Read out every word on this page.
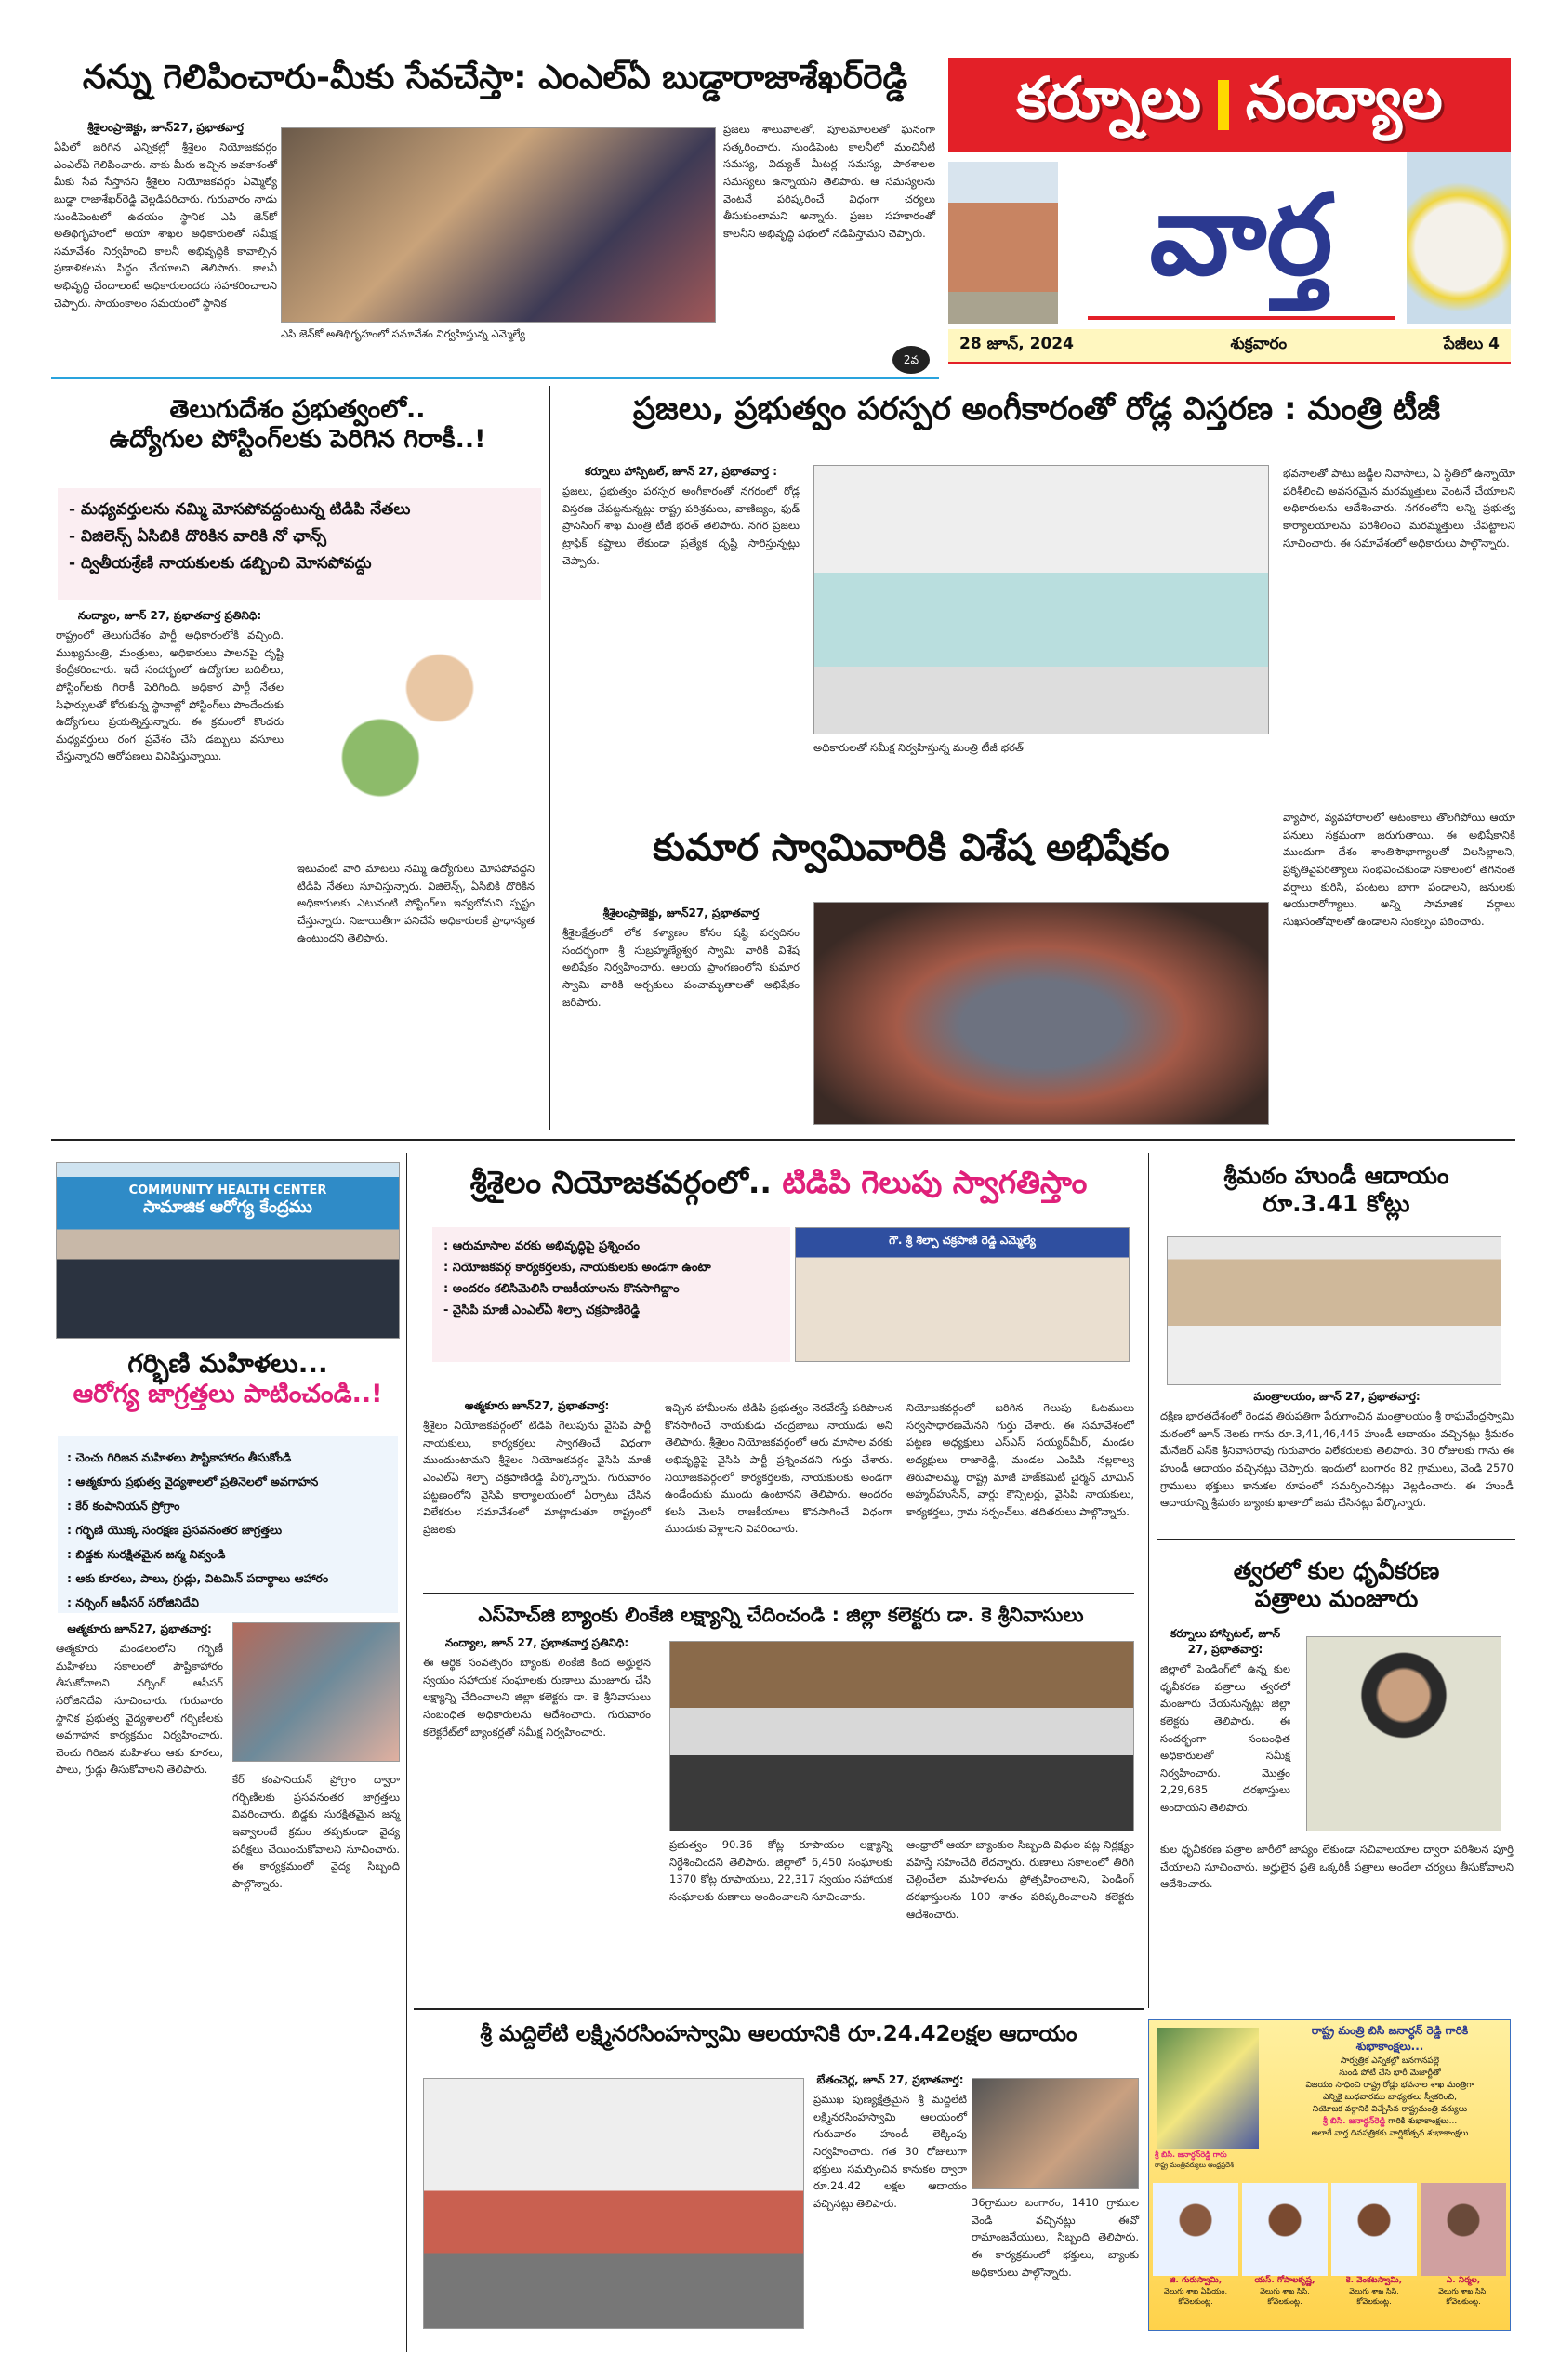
కర్నూలు నంద్యాల
వార్త
28 జూన్, 2024	శుక్రవారం	పేజీలు 4
నన్ను గెలిపించారు-మీకు సేవచేస్తా: ఎంఎల్ఏ బుడ్డారాజాశేఖర్‌రెడ్డి
శ్రీశైలంప్రాజెక్టు, జూన్27, ప్రభాతవార్త
ఏపిలో జరిగిన ఎన్నికల్లో శ్రీశైలం నియోజకవర్గం ఎంఎల్ఏ గెలిపించారు. నాకు మీరు ఇచ్చిన అవకాశంతో మీకు సేవ సేస్తానని శ్రీశైలం నియోజకవర్గం ఏమ్మెల్యే బుడ్డా రాజాశేఖర్‌రెడ్డి వెల్లడిపరిచారు. గురువారం నాడు సుండిపెంటలో ఉదయం స్థానిక ఎపి జెన్‌కో అతిథిగృహంలో అయా శాఖల అధికారులతో సమీక్ష సమావేశం నిర్వహించి కాలనీ అభివృద్ధికి కావాల్సిన ప్రణాళికలను సిద్ధం చేయాలని తెలిపారు. కాలనీ అభివృద్ధి చేందాలంటే అధికారులందరు సహకరించాలని చెప్పారు. సాయంకాలం సమయంలో స్థానిక
ఎపి జెన్‌కో అతిథిగృహంలో సమావేశం నిర్వహిస్తున్న ఎమ్మెల్యే
2వ
ప్రజలు శాలువాలతో, పూలమాలలతో ఘనంగా సత్కరించారు. సుండిపెంట కాలనీలో మంచినీటి సమస్య, విద్యుత్ మీటర్ల సమస్య, పాఠశాలల సమస్యలు ఉన్నాయని తెలిపారు. ఆ సమస్యలను వెంటనే పరిష్కరించే విధంగా చర్యలు తీసుకుంటామని అన్నారు. ప్రజల సహకారంతో కాలనీని అభివృద్ధి పథంలో నడిపిస్తామని చెప్పారు.
తెలుగుదేశం ప్రభుత్వంలో..
ఉద్యోగుల పోస్టింగ్‌లకు పెరిగిన గిరాకీ..!
- మధ్యవర్తులను నమ్మి మోసపోవద్దంటున్న టిడిపి నేతలు
- విజిలెన్స్ ఏసిబికి దొరికిన వారికి నో ఛాన్స్
- ద్వితీయశ్రేణి నాయకులకు డబ్బించి మోసపోవద్దు
నంద్యాల, జూన్ 27, ప్రభాతవార్త ప్రతినిధి:
రాష్ట్రంలో తెలుగుదేశం పార్టీ అధికారంలోకి వచ్చింది. ముఖ్యమంత్రి, మంత్రులు, అధికారులు పాలనపై దృష్టి కేంద్రీకరించారు. ఇదే సందర్భంలో ఉద్యోగుల బదిలీలు, పోస్టింగ్‌లకు గిరాకీ పెరిగింది. అధికార పార్టీ నేతల సిఫార్సులతో కోరుకున్న స్థానాల్లో పోస్టింగ్‌లు పొందేందుకు ఉద్యోగులు ప్రయత్నిస్తున్నారు. ఈ క్రమంలో కొందరు మధ్యవర్తులు రంగ ప్రవేశం చేసి డబ్బులు వసూలు చేస్తున్నారని ఆరోపణలు వినిపిస్తున్నాయి.
ఇటువంటి వారి మాటలు నమ్మి ఉద్యోగులు మోసపోవద్దని టిడిపి నేతలు సూచిస్తున్నారు. విజిలెన్స్, ఏసిబికి దొరికిన అధికారులకు ఎటువంటి పోస్టింగ్‌లు ఇవ్వబోమని స్పష్టం చేస్తున్నారు. నిజాయితీగా పనిచేసే అధికారులకే ప్రాధాన్యత ఉంటుందని తెలిపారు.
ప్రజలు, ప్రభుత్వం పరస్పర అంగీకారంతో రోడ్ల విస్తరణ : మంత్రి టీజీ
కర్నూలు హాస్పిటల్, జూన్ 27, ప్రభాతవార్త :
ప్రజలు, ప్రభుత్వం పరస్పర అంగీకారంతో నగరంలో రోడ్ల విస్తరణ చేపట్టనున్నట్లు రాష్ట్ర పరిశ్రమలు, వాణిజ్యం, ఫుడ్ ప్రాసెసింగ్ శాఖ మంత్రి టీజీ భరత్ తెలిపారు. నగర ప్రజలు ట్రాఫిక్ కష్టాలు లేకుండా ప్రత్యేక దృష్టి సారిస్తున్నట్లు చెప్పారు.
అధికారులతో సమీక్ష నిర్వహిస్తున్న మంత్రి టీజీ భరత్
భవనాలతో పాటు జడ్జీల నివాసాలు, ఏ స్థితిలో ఉన్నాయో పరిశీలించి అవసరమైన మరమ్మత్తులు వెంటనే చేయాలని అధికారులను ఆదేశించారు. నగరంలోని అన్ని ప్రభుత్వ కార్యాలయాలను పరిశీలించి మరమ్మత్తులు చేపట్టాలని సూచించారు. ఈ సమావేశంలో అధికారులు పాల్గొన్నారు.
కుమార స్వామివారికి విశేష అభిషేకం
శ్రీశైలంప్రాజెక్టు, జూన్27, ప్రభాతవార్త
శ్రీశైలక్షేత్రంలో లోక కళ్యాణం కోసం షష్ఠి పర్వదినం సందర్భంగా శ్రీ సుబ్రహ్మణ్యేశ్వర స్వామి వారికి విశేష అభిషేకం నిర్వహించారు. ఆలయ ప్రాంగణంలోని కుమార స్వామి వారికి అర్చకులు పంచామృతాలతో అభిషేకం జరిపారు.
వ్యాపార, వ్యవహారాలలో ఆటంకాలు తొలగిపోయి ఆయా పనులు సక్రమంగా జరుగుతాయి. ఈ అభిషేకానికి ముందుగా దేశం శాంతిసౌభాగ్యాలతో విలసిల్లాలని, ప్రకృతివైపరిత్యాలు సంభవించకుండా సకాలంలో తగినంత వర్షాలు కురిసి, పంటలు బాగా పండాలని, జనులకు ఆయురారోగ్యాలు, అన్ని సామాజిక వర్గాలు సుఖసంతోషాలతో ఉండాలని సంకల్పం పఠించారు.
COMMUNITY HEALTH CENTER
సామాజిక ఆరోగ్య కేంద్రము
గర్భిణి మహిళలు...
ఆరోగ్య జాగ్రత్తలు పాటించండి..!
: చెంచు గిరిజన మహిళలు పౌష్టికాహారం తీసుకోండి
: ఆత్మకూరు ప్రభుత్వ వైద్యశాలలో ప్రతినెలలో అవగాహన
: కేర్ కంపానియన్ ప్రోగ్రాం
: గర్భిణి యొక్క సంరక్షణ ప్రసవనంతర జాగ్రత్తలు
: బిడ్డకు సురక్షితమైన జన్మ నివ్వండి
: ఆకు కూరలు, పాలు, గ్రుడ్లు, విటమిన్ పదార్థాలు ఆహారం
: నర్సింగ్ ఆఫీసర్ సరోజినిదేవి
ఆత్మకూరు జూన్27, ప్రభాతవార్త:
ఆత్మకూరు మండలంలోని గర్భిణీ మహిళలు సకాలంలో పౌష్టికాహారం తీసుకోవాలని నర్సింగ్ ఆఫీసర్ సరోజినిదేవి సూచించారు. గురువారం స్థానిక ప్రభుత్వ వైద్యశాలలో గర్భిణీలకు అవగాహన కార్యక్రమం నిర్వహించారు. చెంచు గిరిజన మహిళలు ఆకు కూరలు, పాలు, గ్రుడ్లు తీసుకోవాలని తెలిపారు.
కేర్ కంపానియన్ ప్రోగ్రాం ద్వారా గర్భిణీలకు ప్రసవనంతర జాగ్రత్తలు వివరించారు. బిడ్డకు సురక్షితమైన జన్మ ఇవ్వాలంటే క్రమం తప్పకుండా వైద్య పరీక్షలు చేయించుకోవాలని సూచించారు. ఈ కార్యక్రమంలో వైద్య సిబ్బంది పాల్గొన్నారు.
శ్రీశైలం నియోజకవర్గంలో.. టిడిపి గెలుపు స్వాగతిస్తాం
: ఆరుమాసాల వరకు అభివృద్ధిపై ప్రశ్నించం
: నియోజకవర్గ కార్యకర్తలకు, నాయకులకు అండగా ఉంటా
: అందరం కలిసిమెలిసి రాజకీయాలను కొనసాగిద్దాం
- వైసిపి మాజీ ఎంఎల్ఏ శిల్పా చక్రపాణిరెడ్డి
గౌ. శ్రీ శిల్పా చక్రపాణి రెడ్డి ఎమ్మెల్యే
ఆత్మకూరు జూన్27, ప్రభాతవార్త:
శ్రీశైలం నియోజకవర్గంలో టిడిపి గెలుపును వైసిపి పార్టీ నాయకులు, కార్యకర్తలు స్వాగతించే విధంగా ముందుంటామని శ్రీశైలం నియోజకవర్గం వైసిపి మాజీ ఎంఎల్ఏ శిల్పా చక్రపాణిరెడ్డి పేర్కొన్నారు. గురువారం పట్టణంలోని వైసిపి కార్యాలయంలో ఏర్పాటు చేసిన విలేకరుల సమావేశంలో మాట్లాడుతూ రాష్ట్రంలో ప్రజలకు
ఇచ్చిన హామీలను టిడిపి ప్రభుత్వం నెరవేరస్తే పరిపాలన కొనసాగించే నాయకుడు చంద్రబాబు నాయుడు అని తెలిపారు. శ్రీశైలం నియోజకవర్గంలో ఆరు మాసాల వరకు అభివృద్ధిపై వైసిపి పార్టీ ప్రశ్నించదని గుర్తు చేశారు. నియోజకవర్గంలో కార్యకర్తలకు, నాయకులకు అండగా ఉండేందుకు ముందు ఉంటానని తెలిపారు. అందరం కలసి మెలసి రాజకీయాలు కొనసాగించే విధంగా ముందుకు వెళ్లాలని వివరించారు.
నియోజకవర్గంలో జరిగిన గెలుపు ఓటములు సర్వసాధారణమేనని గుర్తు చేశారు. ఈ సమావేశంలో పట్టణ అధ్యక్షులు ఎస్ఎస్ సయ్యద్‌మీర్, మండల అధ్యక్షులు రాజారెడ్డి, మండల ఎంపిపి నల్లకాల్వ తిరుపాలమ్మ, రాష్ట్ర మాజీ హజ్‌కమిటీ చైర్మన్ మోమిన్ అహ్మద్‌హుసేన్, వార్డు కౌన్సిలర్లు, వైసిపి నాయకులు, కార్యకర్తలు, గ్రామ సర్పంచ్‌లు, తదితరులు పాల్గొన్నారు.
ఎస్‌హెచ్‌జి బ్యాంకు లింకేజి లక్ష్యాన్ని చేదించండి : జిల్లా కలెక్టరు డా. కె శ్రీనివాసులు
నంద్యాల, జూన్ 27, ప్రభాతవార్త ప్రతినిధి:
ఈ ఆర్థిక సంవత్సరం బ్యాంకు లింకేజి కింద అర్హులైన స్వయం సహాయక సంఘాలకు రుణాలు మంజూరు చేసి లక్ష్యాన్ని చేదించాలని జిల్లా కలెక్టరు డా. కె శ్రీనివాసులు సంబంధిత అధికారులను ఆదేశించారు. గురువారం కలెక్టరేట్‌లో బ్యాంకర్లతో సమీక్ష నిర్వహించారు.
ప్రభుత్వం 90.36 కోట్ల రూపాయల లక్ష్యాన్ని నిర్దేశించిందని తెలిపారు. జిల్లాలో 6,450 సంఘాలకు 1370 కోట్ల రూపాయలు, 22,317 స్వయం సహాయక సంఘాలకు రుణాలు అందించాలని సూచించారు.
ఆంధ్రాలో ఆయా బ్యాంకుల సిబ్బంది విధుల పట్ల నిర్లక్ష్యం వహిస్తే సహించేది లేదన్నారు. రుణాలు సకాలంలో తిరిగి చెల్లించేలా మహిళలను ప్రోత్సహించాలని, పెండింగ్ దరఖాస్తులను 100 శాతం పరిష్కరించాలని కలెక్టరు ఆదేశించారు.
శ్రీ మద్దిలేటి లక్ష్మినరసింహస్వామి ఆలయానికి రూ.24.42లక్షల ఆదాయం
బేతంచెర్ల, జూన్ 27, ప్రభాతవార్త:
ప్రముఖ పుణ్యక్షేత్రమైన శ్రీ మద్దిలేటి లక్ష్మినరసింహస్వామి ఆలయంలో గురువారం హుండీ లెక్కింపు నిర్వహించారు. గత 30 రోజులుగా భక్తులు సమర్పించిన కానుకల ద్వారా రూ.24.42 లక్షల ఆదాయం వచ్చినట్లు తెలిపారు.	36గ్రాముల బంగారం, 1410 గ్రాముల వెండి వచ్చినట్లు ఈవో రామాంజనేయులు, సిబ్బంది తెలిపారు. ఈ కార్యక్రమంలో భక్తులు, బ్యాంకు అధికారులు పాల్గొన్నారు.
శ్రీమఠం హుండీ ఆదాయం
రూ.3.41 కోట్లు
మంత్రాలయం, జూన్ 27, ప్రభాతవార్త:
దక్షిణ భారతదేశంలో రెండవ తిరుపతిగా పేరుగాంచిన మంత్రాలయం శ్రీ రాఘవేంద్రస్వామి మఠంలో జూన్ నెలకు గాను రూ.3,41,46,445 హుండీ ఆదాయం వచ్చినట్లు శ్రీమఠం మేనేజర్ ఎస్‌కె శ్రీనివాసరావు గురువారం విలేకరులకు తెలిపారు. 30 రోజులకు గాను ఈ హుండీ ఆదాయం వచ్చినట్లు చెప్పారు. ఇందులో బంగారం 82 గ్రాములు, వెండి 2570 గ్రాములు భక్తులు కానుకల రూపంలో సమర్పించినట్లు వెల్లడించారు. ఈ హుండీ ఆదాయాన్ని శ్రీమఠం బ్యాంకు ఖాతాలో జమ చేసినట్లు పేర్కొన్నారు.
త్వరలో కుల ధృవీకరణ
పత్రాలు మంజూరు
కర్నూలు హాస్పిటల్, జూన్ 27, ప్రభాతవార్త:
జిల్లాలో పెండింగ్‌లో ఉన్న కుల ధృవీకరణ పత్రాలు త్వరలో మంజూరు చేయనున్నట్లు జిల్లా కలెక్టరు తెలిపారు. ఈ సందర్భంగా సంబంధిత అధికారులతో సమీక్ష నిర్వహించారు. మొత్తం 2,29,685 దరఖాస్తులు అందాయని తెలిపారు.
కుల ధృవీకరణ పత్రాల జారీలో జాప్యం లేకుండా సచివాలయాల ద్వారా పరిశీలన పూర్తి చేయాలని సూచించారు. అర్హులైన ప్రతి ఒక్కరికీ పత్రాలు అందేలా చర్యలు తీసుకోవాలని ఆదేశించారు.
రాష్ట్ర మంత్రి బిసి జనార్ధన్ రెడ్డి గారికి
శుభాకాంక్షలు...
సార్వత్రిక ఎన్నికల్లో బనగానపల్లె
నుండి పోటీ చేసి భారీ మెజార్టీతో
విజయం సాధించి రాష్ట్ర రోడ్లు భవనాల శాఖ మంత్రిగా
ఎన్నికై బుధవారము బాధ్యతలు స్వీకరించి,
నియోజక వర్గానికి విచ్చేసిన రాష్ట్రమంత్రి వర్యులు
శ్రీ బిసి. జనార్ధన్‌రెడ్డి గారికి శుభాకాంక్షలు...
అలాగే వార్త దినపత్రికకు వార్షికోత్సవ శుభాకాంక్షలు
శ్రీ బిసి. జనార్ధన్‌రెడ్డి గారు
రాష్ట్ర మంత్రివర్యులు ఆంధ్రప్రదేశ్
జి. గురుస్వామి,
వెలుగు శాఖ ఏపియం,
కోవెలకుంట్ల.
యస్. గోపాలకృష్ణ,
వెలుగు శాఖ సిసి,
కోవెలకుంట్ల.
కె. వెంకటస్వామి,
వెలుగు శాఖ సిసి,
కోవెలకుంట్ల.
ఎ. నిర్మల,
వెలుగు శాఖ సిసి,
కోవెలకుంట్ల.
